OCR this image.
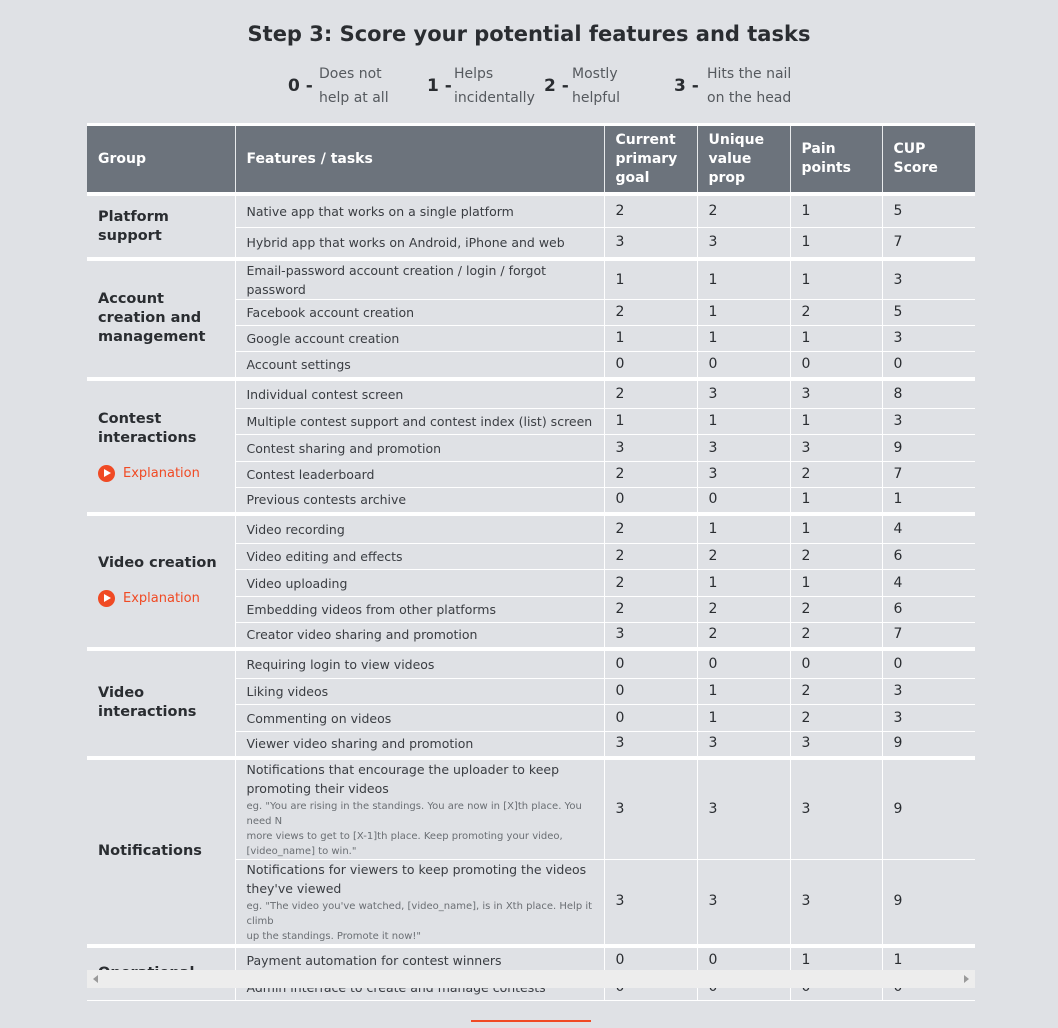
Step 3: Score your potential features and tasks
0 -
Does not
help at all
1 -
Helps
incidentally
2 -
Mostly
helpful
3 -
Hits the nail
on the head
Group	Features / tasks	Current
primary
goal	Unique
value
prop	Pain
points	CUP
Score
Platform
support	Native app that works on a single platform	2	2	1	5
	Hybrid app that works on Android, iPhone and web	3	3	1	7
Account
creation and
management	Email-password account creation / login / forgot password	1	1	1	3
	Facebook account creation	2	1	2	5
	Google account creation	1	1	1	3
	Account settings	0	0	0	0
Contest
interactions
Explanation	Individual contest screen	2	3	3	8
	Multiple contest support and contest index (list) screen	1	1	1	3
	Contest sharing and promotion	3	3	3	9
	Contest leaderboard	2	3	2	7
	Previous contests archive	0	0	1	1
Video creation
Explanation	Video recording	2	1	1	4
	Video editing and effects	2	2	2	6
	Video uploading	2	1	1	4
	Embedding videos from other platforms	2	2	2	6
	Creator video sharing and promotion	3	2	2	7
Video
interactions	Requiring login to view videos	0	0	0	0
	Liking videos	0	1	2	3
	Commenting on videos	0	1	2	3
	Viewer video sharing and promotion	3	3	3	9
Notifications	Notifications that encourage the uploader to keep
promoting their videos
eg. "You are rising in the standings. You are now in [X]th place. You need N
more views to get to [X-1]th place. Keep promoting your video,
[video_name] to win."	3	3	3	9
	Notifications for viewers to keep promoting the videos
they've viewed
eg. "The video you've watched, [video_name], is in Xth place. Help it climb
up the standings. Promote it now!"	3	3	3	9
	Payment automation for contest winners	0	0	1	1
